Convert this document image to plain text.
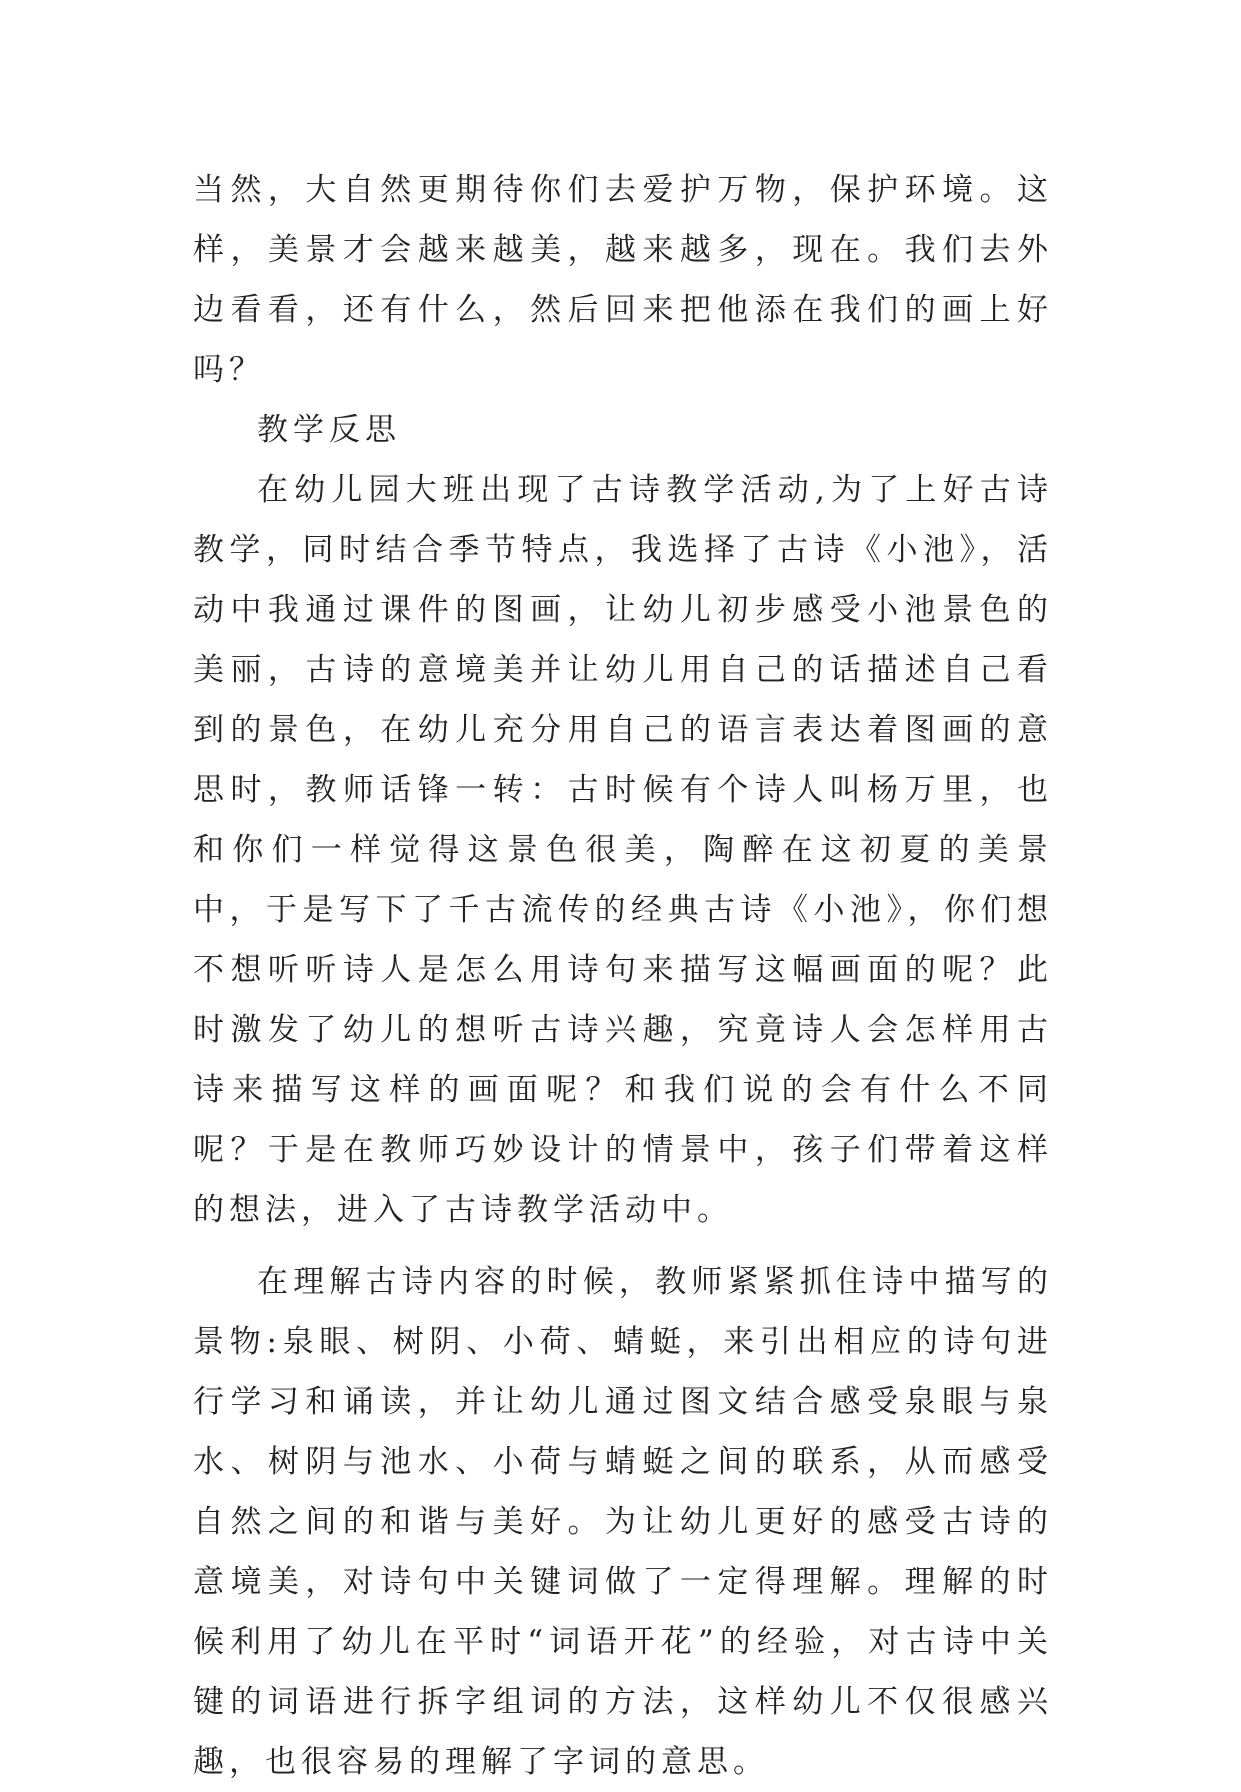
当然，大自然更期待你们去爱护万物，保护环境。这样，美景才会越来越美，越来越多，现在。我们去外边看看，还有什么，然后回来把他添在我们的画上好吗？

教学反思

在幼儿园大班出现了古诗教学活动,为了上好古诗教学，同时结合季节特点，我选择了古诗《小池》，活动中我通过课件的图画，让幼儿初步感受小池景色的美丽，古诗的意境美并让幼儿用自己的话描述自己看到的景色，在幼儿充分用自己的语言表达着图画的意思时，教师话锋一转：古时候有个诗人叫杨万里，也和你们一样觉得这景色很美，陶醉在这初夏的美景中，于是写下了千古流传的经典古诗《小池》，你们想不想听听诗人是怎么用诗句来描写这幅画面的呢？此时激发了幼儿的想听古诗兴趣，究竟诗人会怎样用古诗来描写这样的画面呢？和我们说的会有什么不同呢？于是在教师巧妙设计的情景中，孩子们带着这样的想法，进入了古诗教学活动中。

在理解古诗内容的时候，教师紧紧抓住诗中描写的景物:泉眼、树阴、小荷、蜻蜓，来引出相应的诗句进行学习和诵读，并让幼儿通过图文结合感受泉眼与泉水、树阴与池水、小荷与蜻蜓之间的联系，从而感受自然之间的和谐与美好。为让幼儿更好的感受古诗的意境美，对诗句中关键词做了一定得理解。理解的时候利用了幼儿在平时“词语开花”的经验，对古诗中关键的词语进行拆字组词的方法，这样幼儿不仅很感兴趣，也很容易的理解了字词的意思。
